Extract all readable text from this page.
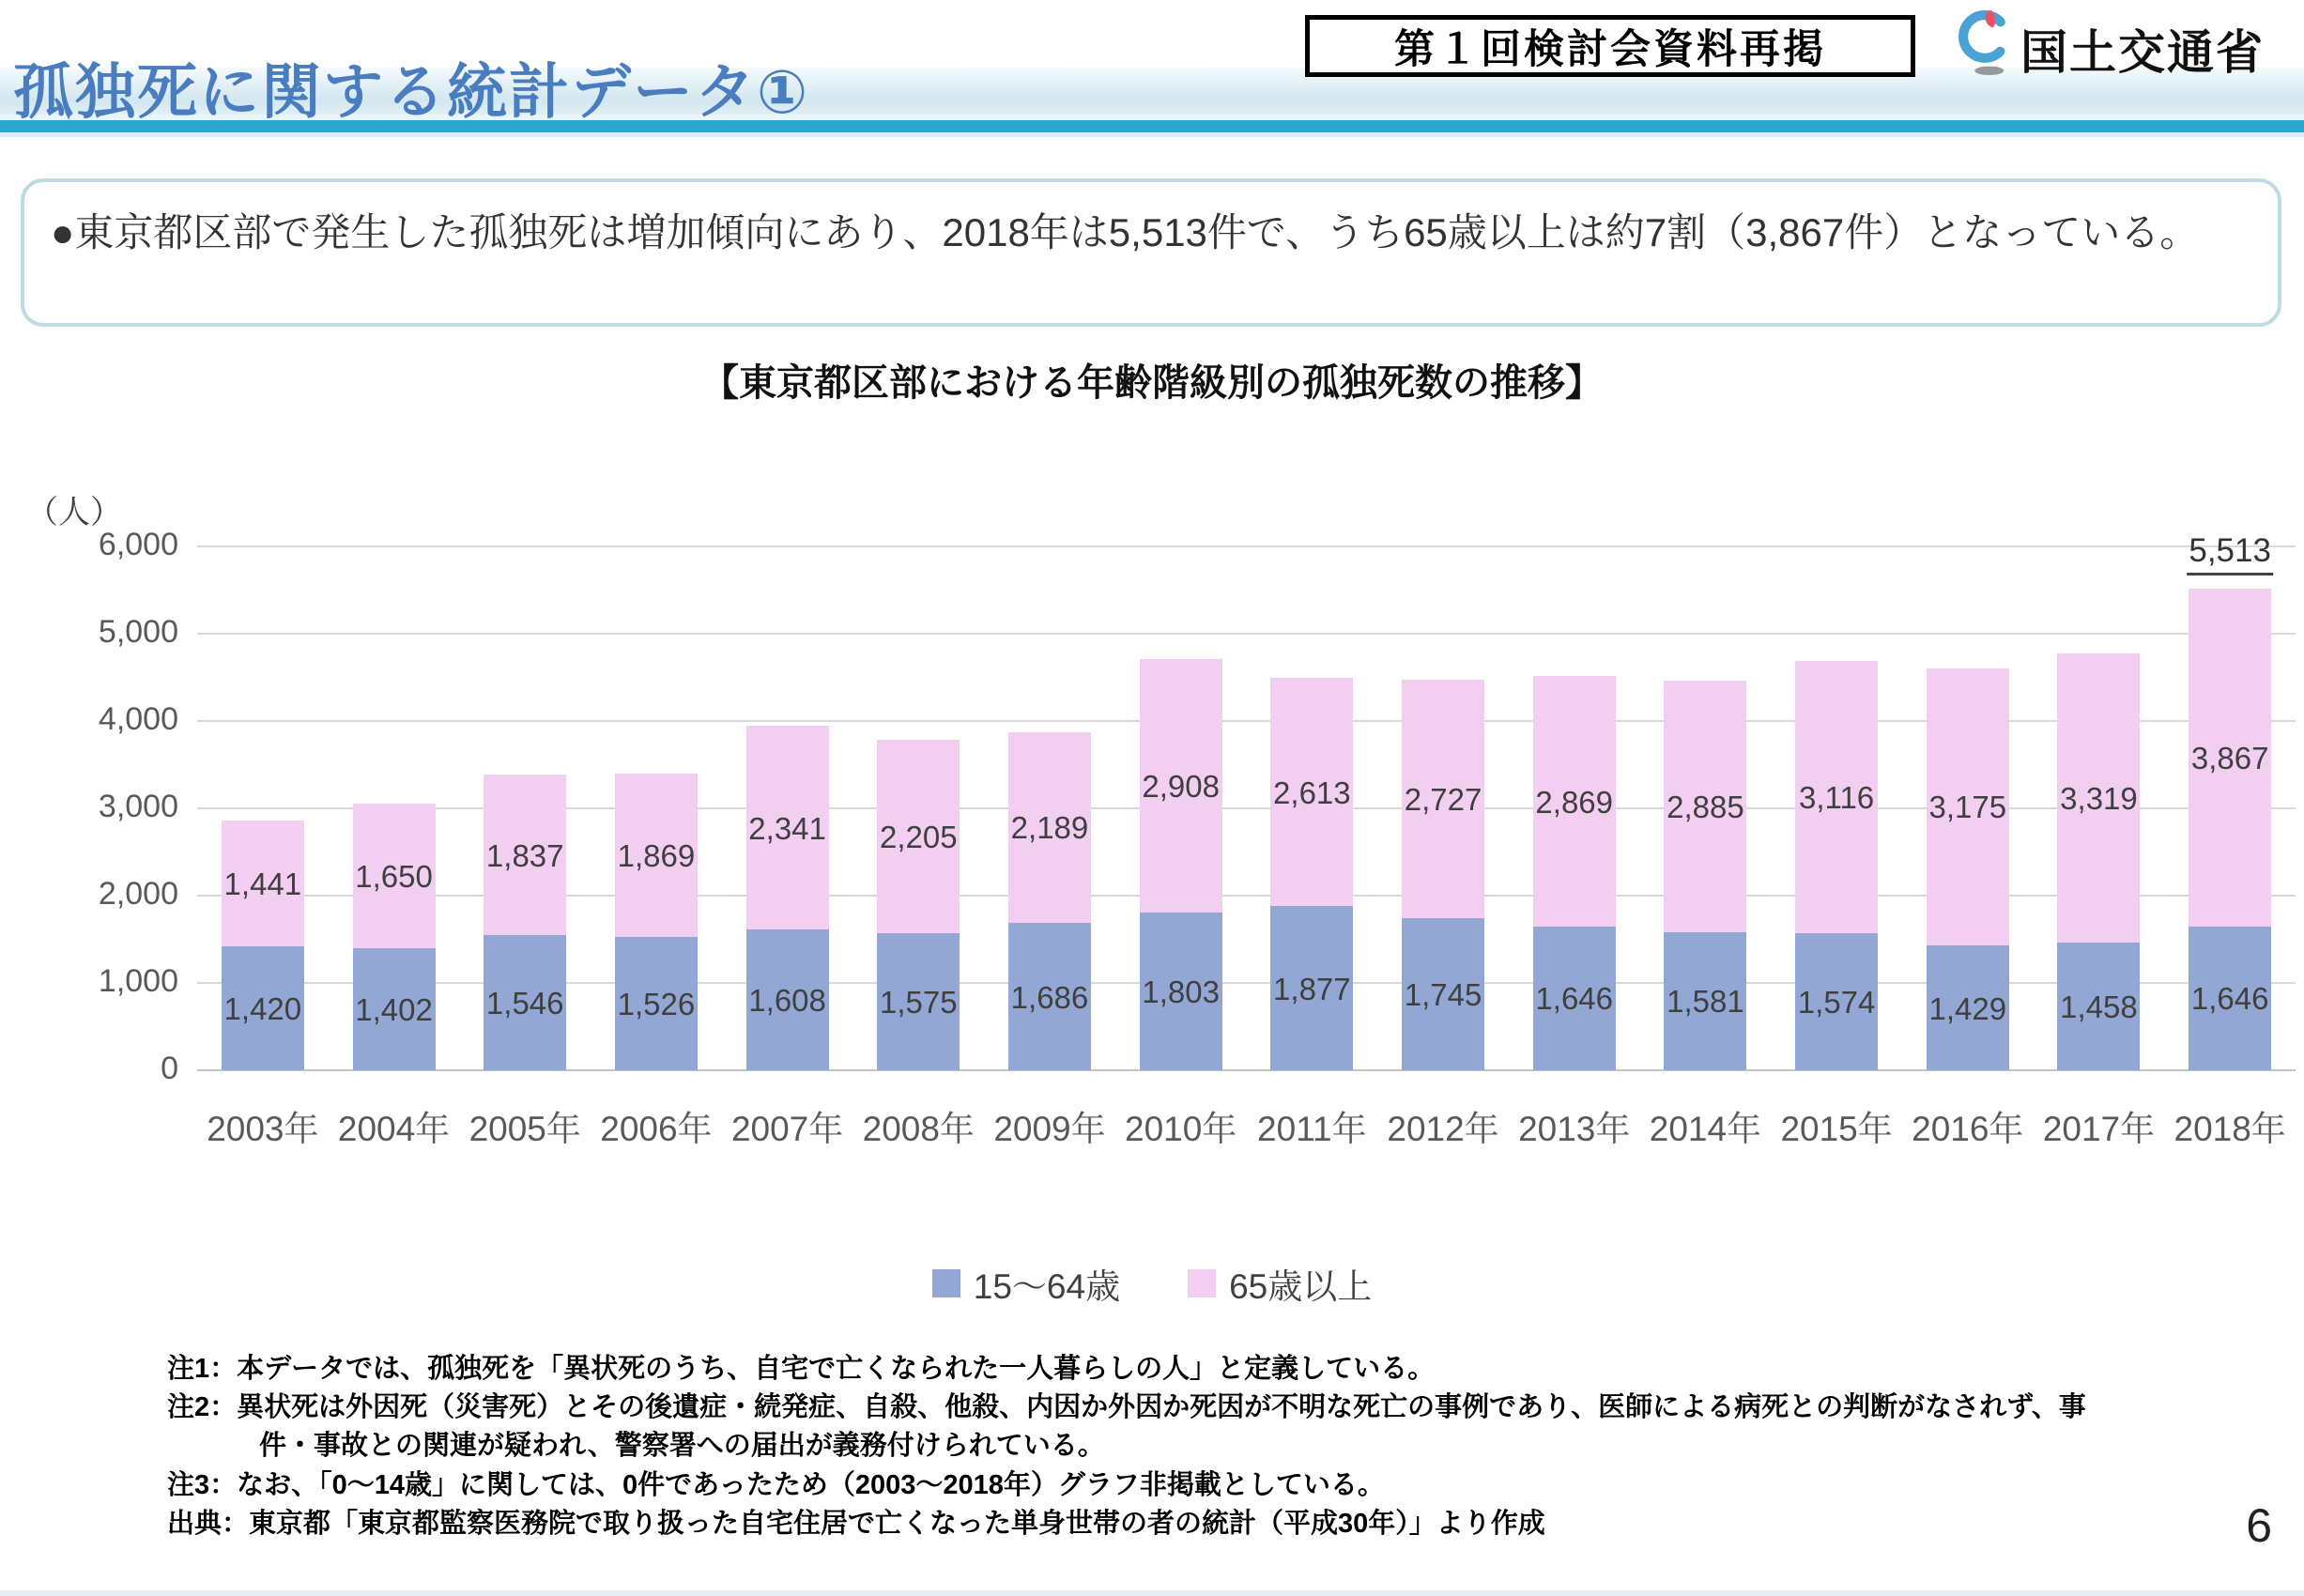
孤独死に関する統計データ①
第１回検討会資料再掲	国土交通省
●東京都区部で発生した孤独死は増加傾向にあり、2018年は5,513件で、うち65歳以上は約7割（3,867件）となっている。
【東京都区部における年齢階級別の孤独死数の推移】
（人）
6,000
5,000
4,000
3,000
2,000
1,000
0
1,420
1,441
1,402
1,650
1,546
1,837
1,526
1,869
1,608
2,341
1,575
2,205
1,686
2,189
1,803
2,908
1,877
2,613
1,745
2,727
1,646
2,869
1,581
2,885
1,574
3,116
1,429
3,175
1,458
3,319
1,646
3,867
5,513
2003年 2004年 2005年 2006年 2007年 2008年 2009年 2010年 2011年 2012年 2013年 2014年 2015年 2016年 2017年 2018年
15～64歳	65歳以上
注1：本データでは、孤独死を「異状死のうち、自宅で亡くなられた一人暮らしの人」と定義している。
注2：異状死は外因死（災害死）とその後遺症・続発症、自殺、他殺、内因か外因か死因が不明な死亡の事例であり、医師による病死との判断がなされず、事
件・事故との関連が疑われ、警察署への届出が義務付けられている。
注3：なお、「0～14歳」に関しては、0件であったため（2003～2018年）グラフ非掲載としている。
出典：東京都「東京都監察医務院で取り扱った自宅住居で亡くなった単身世帯の者の統計（平成30年）」より作成	6
